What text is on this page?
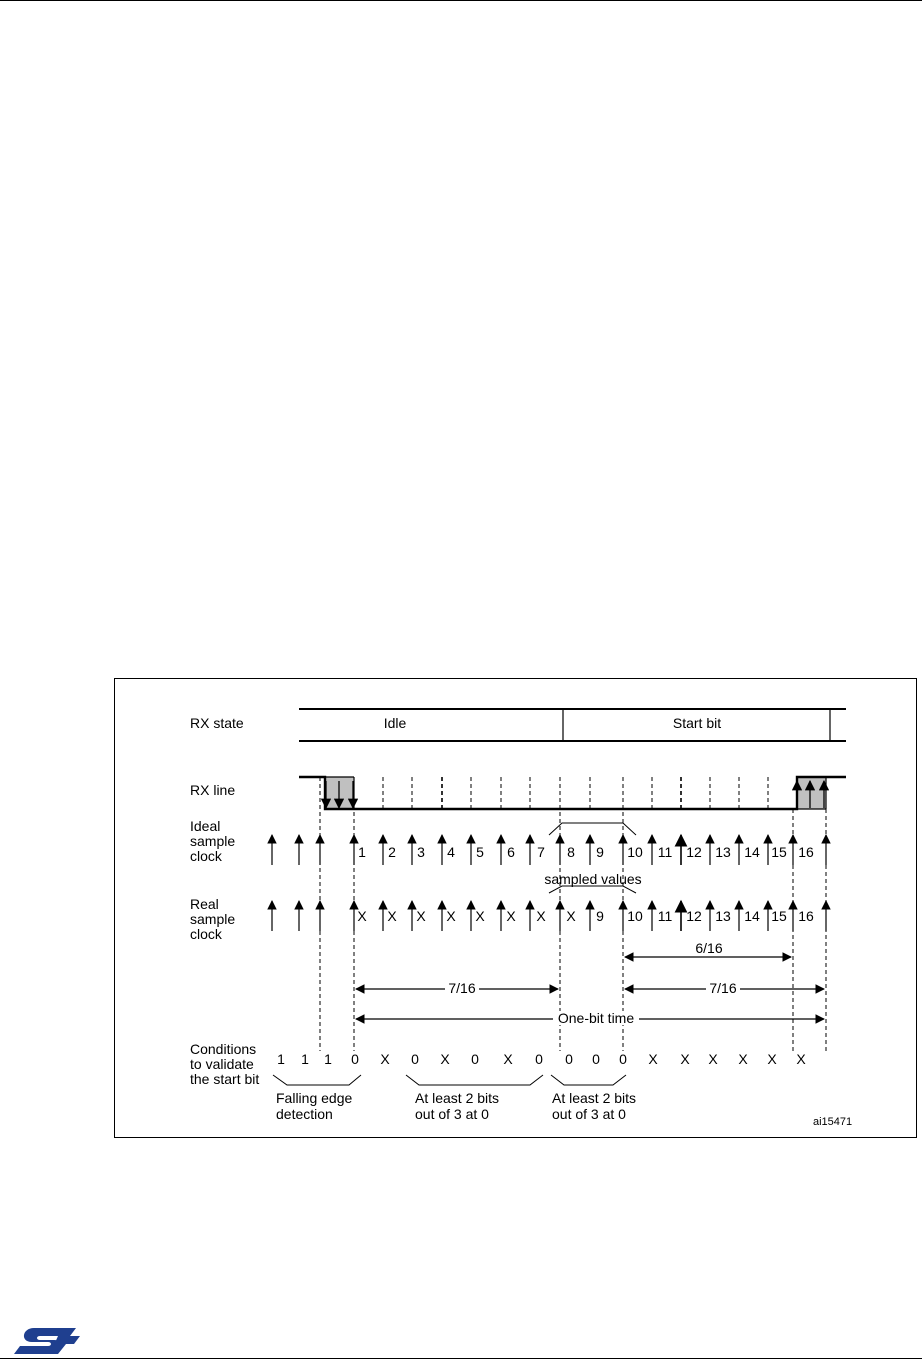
RX state
RX line
Ideal
sample
clock
Real
sample
clock
Conditions
to validate
the start bit
Idle	Start bit
1 2 3 4 5 6 7 8 9 10 11 12 13 14 15 16
sampled values
X X X X X X X X 9 10 11 12 13 14 15 16
6/16
7/16	7/16
One-bit time
1 1 1 0 X 0 X 0 X 0 0 0 0 X X X X X X
Falling edge
detection
At least 2 bits
out of 3 at 0
At least 2 bits
out of 3 at 0	ai15471
